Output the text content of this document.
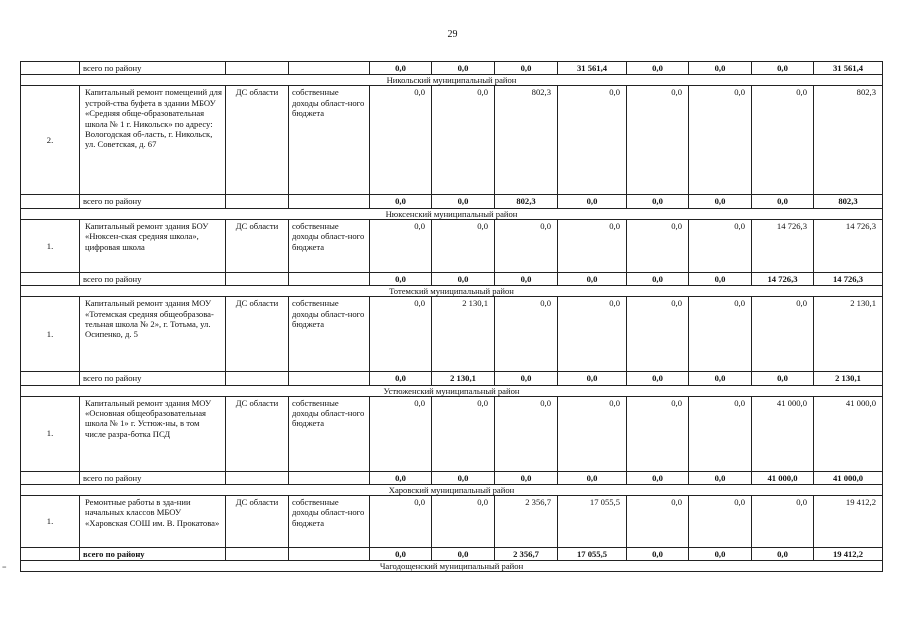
29
=
	всего по району			0,0	0,0	0,0	31 561,4	0,0	0,0	0,0	31 561,4
Никольский муниципальный район											
2.	Капитальный ремонт помещений для устрой-ства буфета в здании МБОУ «Средняя обще-образовательная школа № 1 г. Никольск» по адресу: Вологодская об-ласть, г. Никольск, ул. Советская, д. 67	ДС области	собственные доходы област-ного бюджета	0,0	0,0	802,3	0,0	0,0	0,0	0,0	802,3
	всего по району			0,0	0,0	802,3	0,0	0,0	0,0	0,0	802,3
Нюксенский муниципальный район											
1.	Капитальный ремонт здания БОУ «Нюксен-ская средняя школа», цифровая школа	ДС области	собственные доходы област-ного бюджета	0,0	0,0	0,0	0,0	0,0	0,0	14 726,3	14 726,3
	всего по району			0,0	0,0	0,0	0,0	0,0	0,0	14 726,3	14 726,3
Тотемский муниципальный район											
1.	Капитальный ремонт здания МОУ «Тотемская средняя общеобразова-тельная школа № 2», г. Тотьма, ул. Осипенко, д. 5	ДС области	собственные доходы област-ного бюджета	0,0	2 130,1	0,0	0,0	0,0	0,0	0,0	2 130,1
	всего по району			0,0	2 130,1	0,0	0,0	0,0	0,0	0,0	2 130,1
Устюженский муниципальный район											
1.	Капитальный ремонт здания МОУ «Основная общеобразовательная школа № 1» г. Устюж-ны, в том числе разра-ботка ПСД	ДС области	собственные доходы област-ного бюджета	0,0	0,0	0,0	0,0	0,0	0,0	41 000,0	41 000,0
	всего по району			0,0	0,0	0,0	0,0	0,0	0,0	41 000,0	41 000,0
Харовский муниципальный район											
1.	Ремонтные работы в зда-нии начальных классов МБОУ «Харовская СОШ им. В. Прокатова»	ДС области	собственные доходы област-ного бюджета	0,0	0,0	2 356,7	17 055,5	0,0	0,0	0,0	19 412,2
	всего по району			0,0	0,0	2 356,7	17 055,5	0,0	0,0	0,0	19 412,2
Чагодощенский муниципальный район											
